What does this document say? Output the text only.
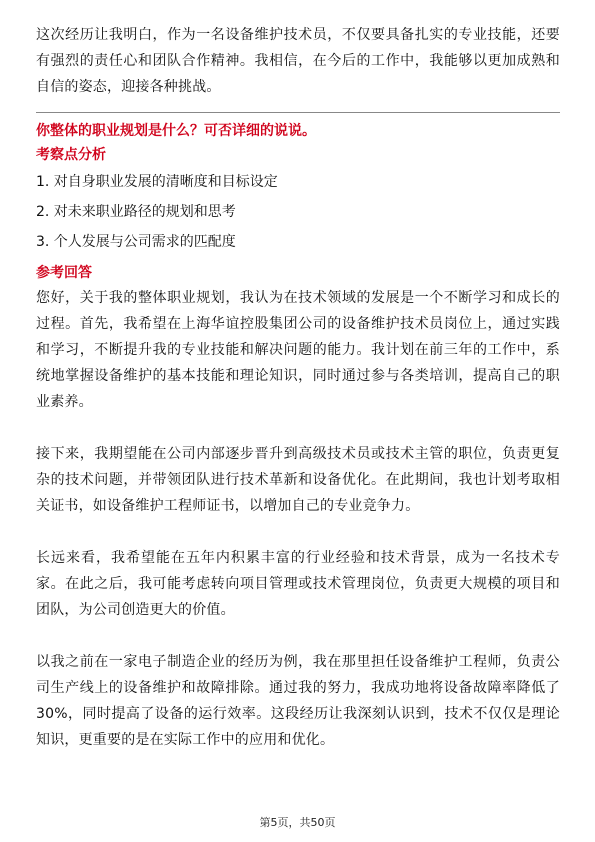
这次经历让我明白，作为一名设备维护技术员，不仅要具备扎实的专业技能，还要有强烈的责任心和团队合作精神。我相信，在今后的工作中，我能够以更加成熟和自信的姿态，迎接各种挑战。

你整体的职业规划是什么？可否详细的说说。

考察点分析

1. 对自身职业发展的清晰度和目标设定
2. 对未来职业路径的规划和思考
3. 个人发展与公司需求的匹配度

参考回答

您好，关于我的整体职业规划，我认为在技术领域的发展是一个不断学习和成长的过程。首先，我希望在上海华谊控股集团公司的设备维护技术员岗位上，通过实践和学习，不断提升我的专业技能和解决问题的能力。我计划在前三年的工作中，系统地掌握设备维护的基本技能和理论知识，同时通过参与各类培训，提高自己的职业素养。

接下来，我期望能在公司内部逐步晋升到高级技术员或技术主管的职位，负责更复杂的技术问题，并带领团队进行技术革新和设备优化。在此期间，我也计划考取相关证书，如设备维护工程师证书，以增加自己的专业竞争力。

长远来看，我希望能在五年内积累丰富的行业经验和技术背景，成为一名技术专家。在此之后，我可能考虑转向项目管理或技术管理岗位，负责更大规模的项目和团队，为公司创造更大的价值。

以我之前在一家电子制造企业的经历为例，我在那里担任设备维护工程师，负责公司生产线上的设备维护和故障排除。通过我的努力，我成功地将设备故障率降低了30%，同时提高了设备的运行效率。这段经历让我深刻认识到，技术不仅仅是理论知识，更重要的是在实际工作中的应用和优化。

第5页，共50页
